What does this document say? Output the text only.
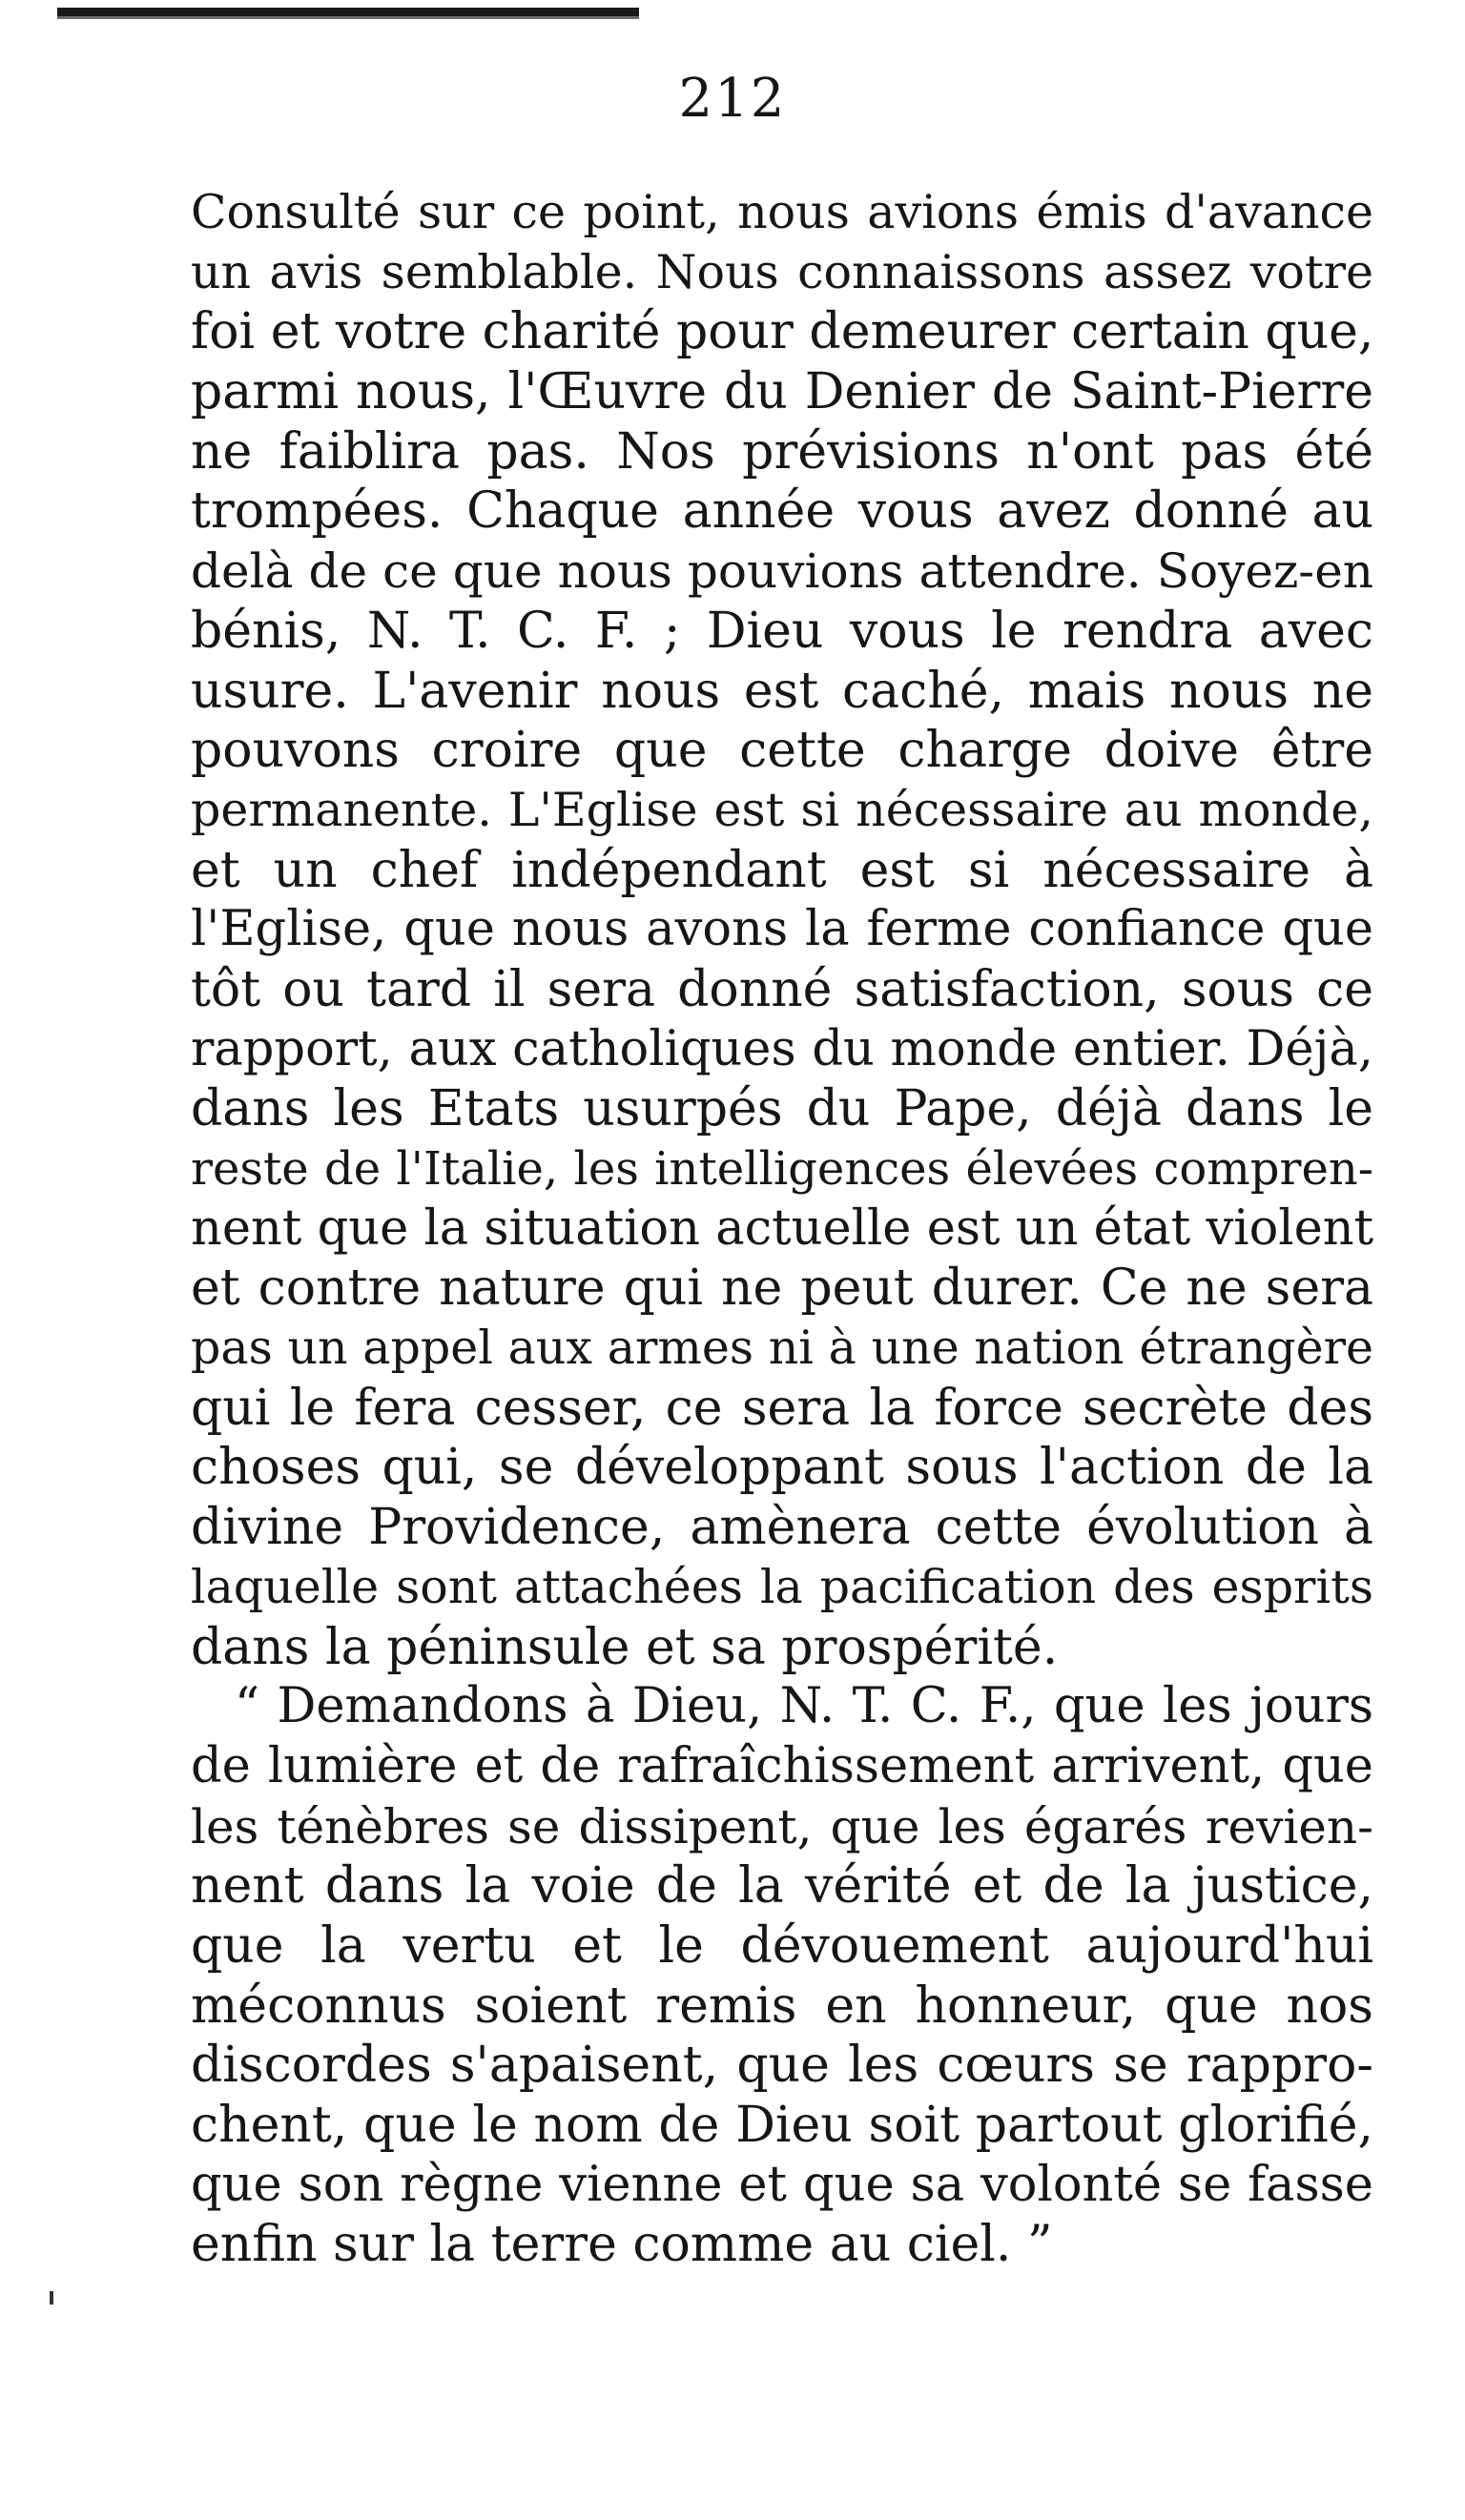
212
Consulté sur ce point, nous avions émis d'avance
un avis semblable. Nous connaissons assez votre
foi et votre charité pour demeurer certain que,
parmi nous, l'Œuvre du Denier de Saint-Pierre
ne faiblira pas. Nos prévisions n'ont pas été
trompées. Chaque année vous avez donné au
delà de ce que nous pouvions attendre. Soyez-en
bénis, N. T. C. F. ; Dieu vous le rendra avec
usure. L'avenir nous est caché, mais nous ne
pouvons croire que cette charge doive être
permanente. L'Eglise est si nécessaire au monde,
et un chef indépendant est si nécessaire à
l'Eglise, que nous avons la ferme confiance que
tôt ou tard il sera donné satisfaction, sous ce
rapport, aux catholiques du monde entier. Déjà,
dans les Etats usurpés du Pape, déjà dans le
reste de l'Italie, les intelligences élevées compren-
nent que la situation actuelle est un état violent
et contre nature qui ne peut durer. Ce ne sera
pas un appel aux armes ni à une nation étrangère
qui le fera cesser, ce sera la force secrète des
choses qui, se développant sous l'action de la
divine Providence, amènera cette évolution à
laquelle sont attachées la pacification des esprits
dans la péninsule et sa prospérité.
“ Demandons à Dieu, N. T. C. F., que les jours
de lumière et de rafraîchissement arrivent, que
les ténèbres se dissipent, que les égarés revien-
nent dans la voie de la vérité et de la justice,
que la vertu et le dévouement aujourd'hui
méconnus soient remis en honneur, que nos
discordes s'apaisent, que les cœurs se rappro-
chent, que le nom de Dieu soit partout glorifié,
que son règne vienne et que sa volonté se fasse
enfin sur la terre comme au ciel. ”
